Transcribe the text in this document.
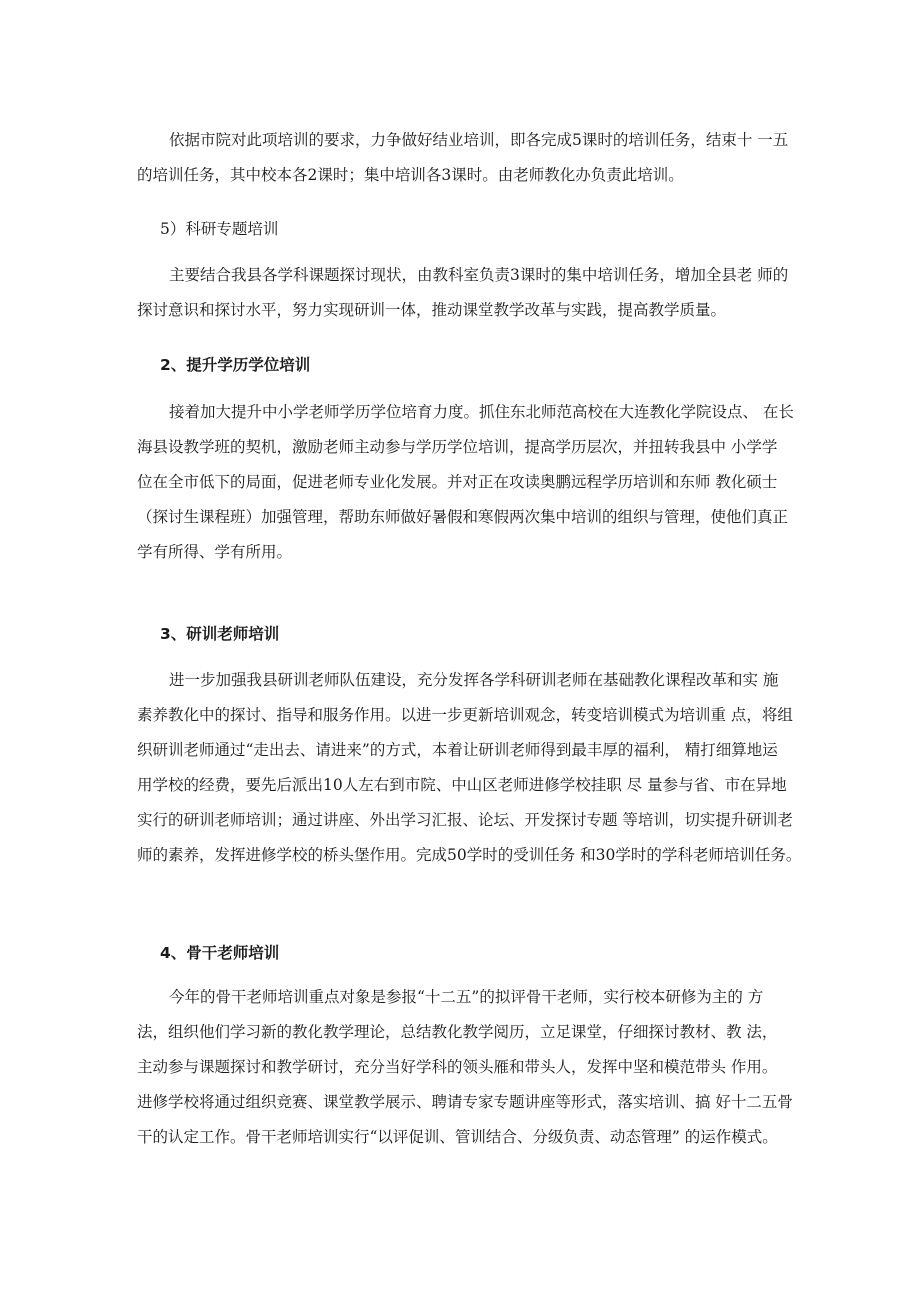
依据市院对此项培训的要求，力争做好结业培训，即各完成5课时的培训任务，结束十 一五
的培训任务，其中校本各2课时；集中培训各3课时。由老师教化办负责此培训。
5）科研专题培训
主要结合我县各学科课题探讨现状，由教科室负责3课时的集中培训任务，增加全县老 师的
探讨意识和探讨水平，努力实现研训一体，推动课堂教学改革与实践，提高教学质量。
2、提升学历学位培训
接着加大提升中小学老师学历学位培育力度。抓住东北师范高校在大连教化学院设点、 在长
海县设教学班的契机，激励老师主动参与学历学位培训，提高学历层次，并扭转我县中 小学学
位在全市低下的局面，促进老师专业化发展。并对正在攻读奥鹏远程学历培训和东师 教化硕士
（探讨生课程班）加强管理，帮助东师做好暑假和寒假两次集中培训的组织与管理，使他们真正
学有所得、学有所用。
3、研训老师培训
进一步加强我县研训老师队伍建设，充分发挥各学科研训老师在基础教化课程改革和实 施
素养教化中的探讨、指导和服务作用。以进一步更新培训观念，转变培训模式为培训重 点，将组
织研训老师通过“走出去、请进来”的方式，本着让研训老师得到最丰厚的福利， 精打细算地运
用学校的经费，要先后派出10人左右到市院、中山区老师进修学校挂职 尽 量参与省、市在异地
实行的研训老师培训；通过讲座、外出学习汇报、论坛、开发探讨专题 等培训，切实提升研训老
师的素养，发挥进修学校的桥头堡作用。完成50学时的受训任务 和30学时的学科老师培训任务。
4、骨干老师培训
今年的骨干老师培训重点对象是参报“十二五”的拟评骨干老师，实行校本研修为主的 方
法，组织他们学习新的教化教学理论，总结教化教学阅历，立足课堂，仔细探讨教材、教 法，
主动参与课题探讨和教学研讨，充分当好学科的领头雁和带头人，发挥中坚和模范带头 作用。
进修学校将通过组织竞赛、课堂教学展示、聘请专家专题讲座等形式，落实培训、搞 好十二五骨
干的认定工作。骨干老师培训实行“以评促训、管训结合、分级负责、动态管理” 的运作模式。
